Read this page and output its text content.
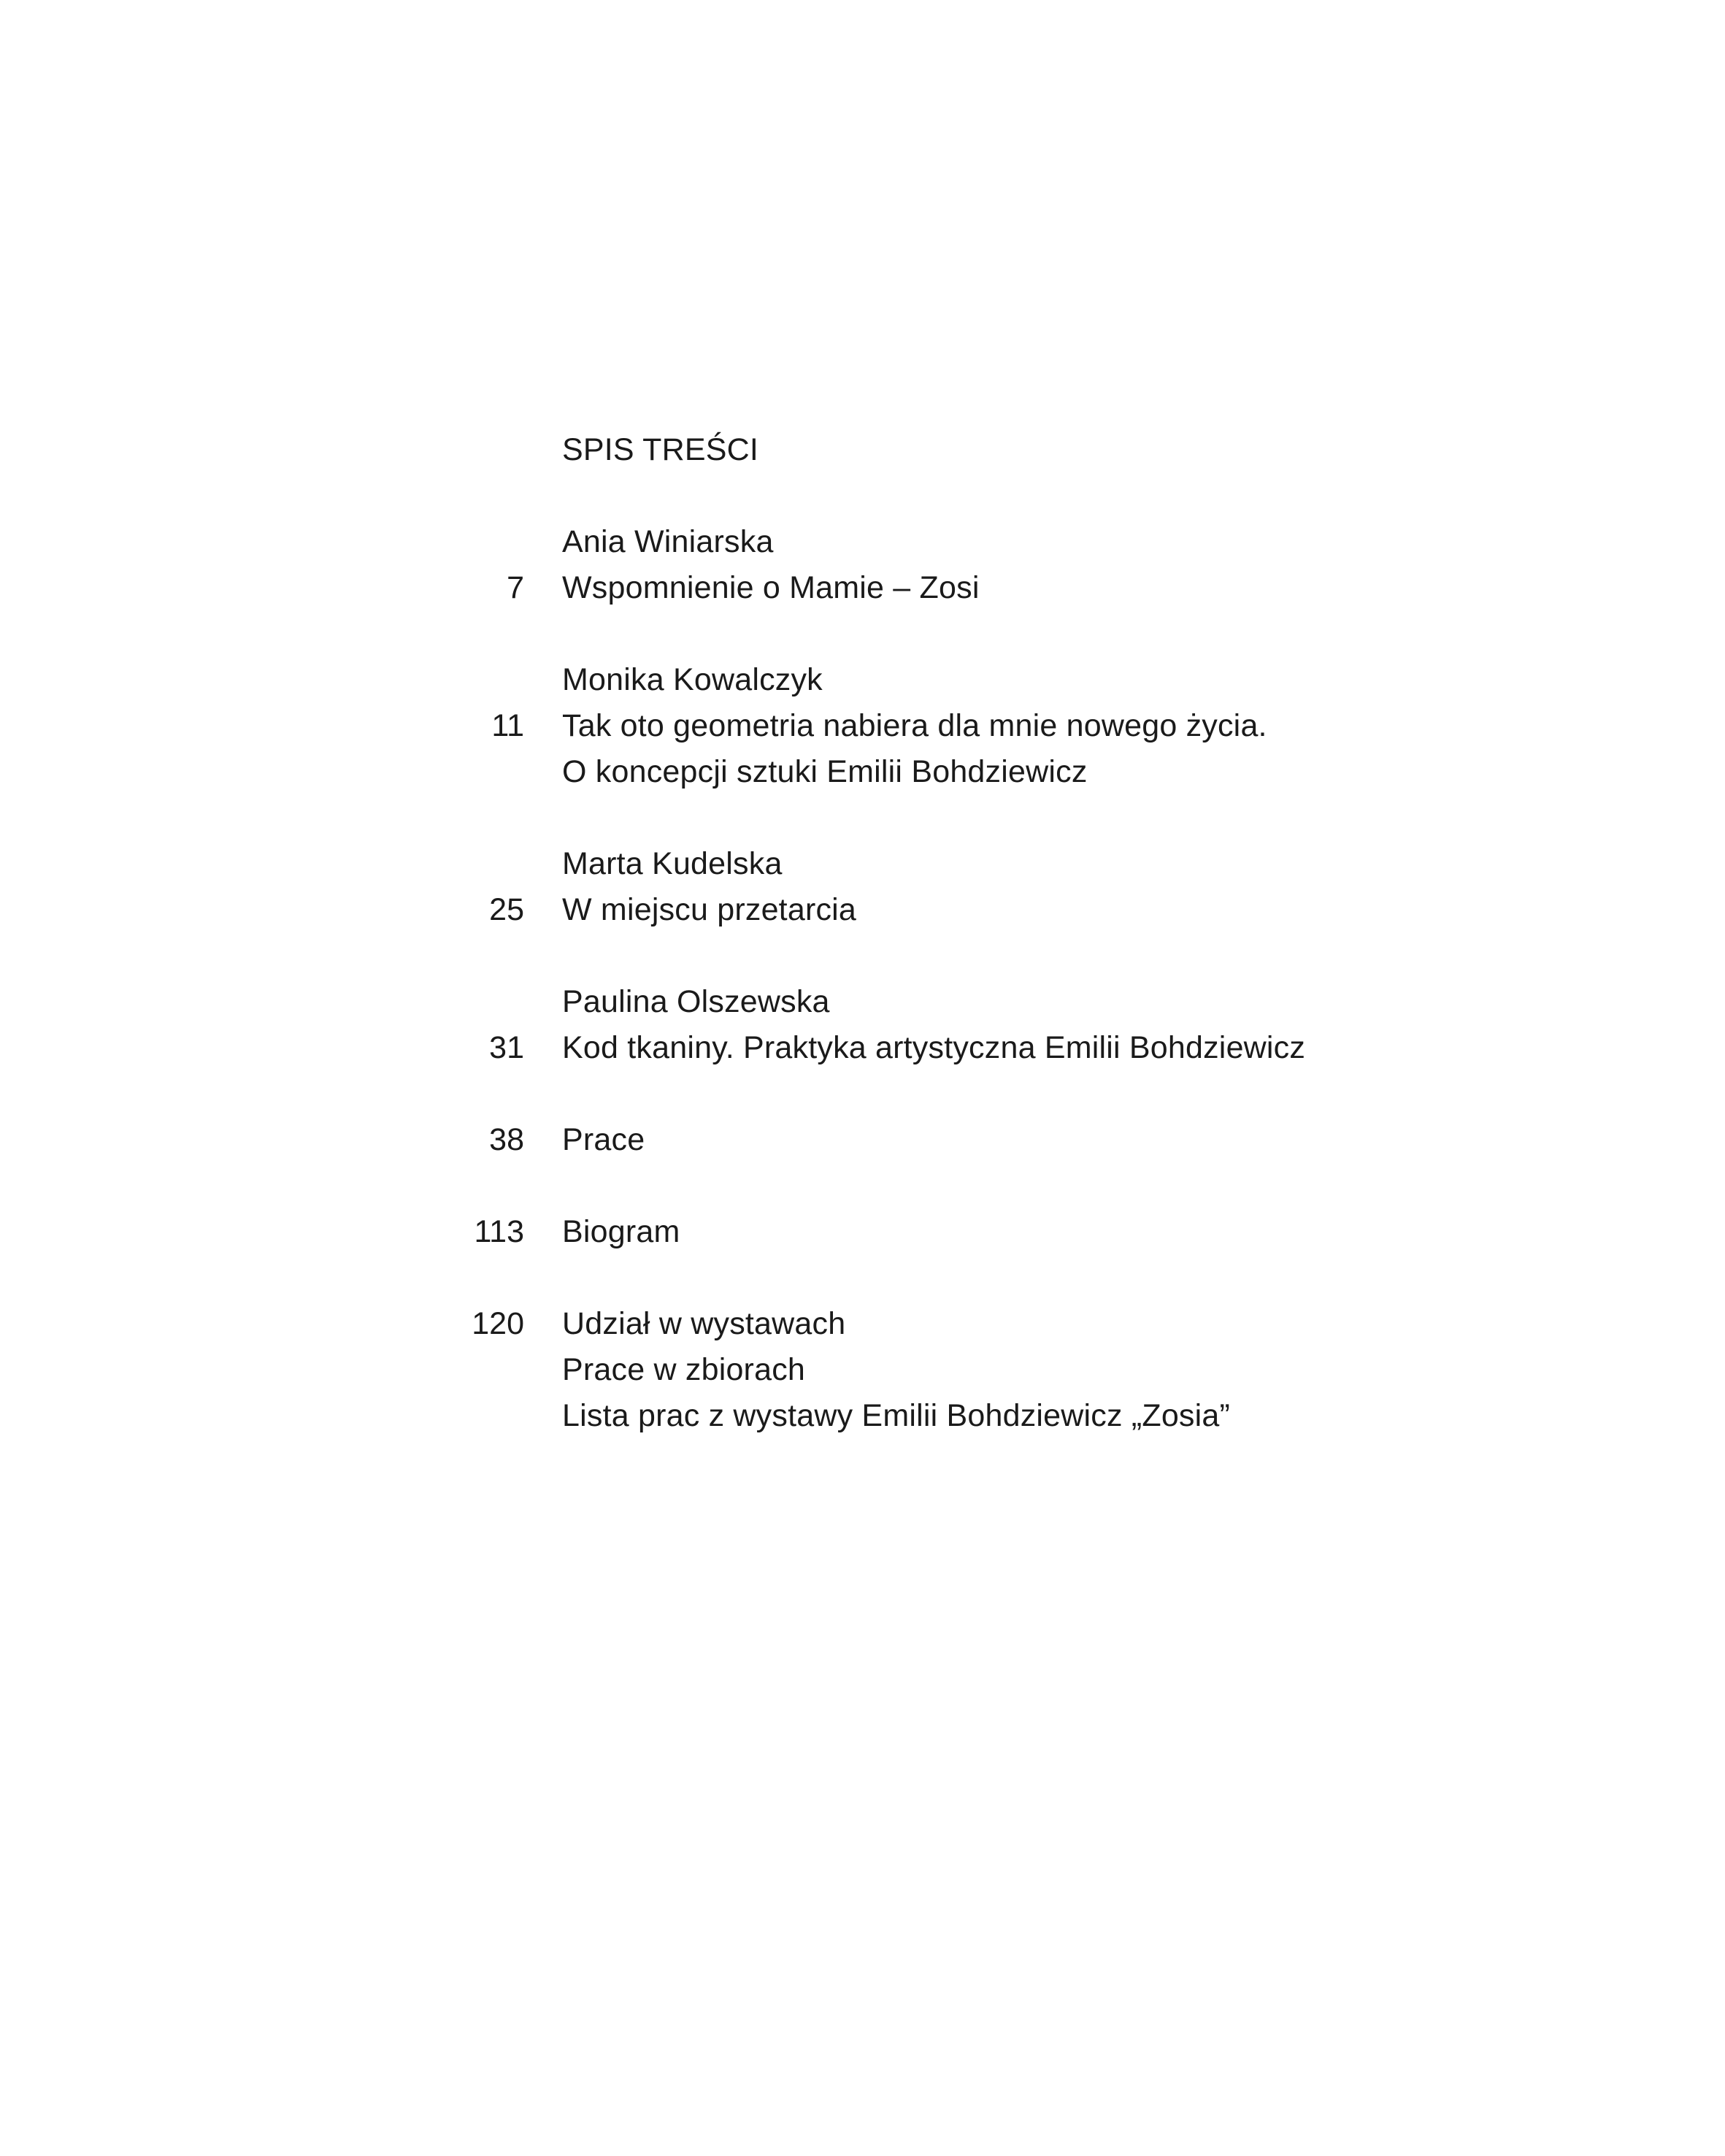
SPIS TREŚCI
Ania Winiarska
7 Wspomnienie o Mamie – Zosi
Monika Kowalczyk
11 Tak oto geometria nabiera dla mnie nowego życia.
O koncepcji sztuki Emilii Bohdziewicz
Marta Kudelska
25 W miejscu przetarcia
Paulina Olszewska
31 Kod tkaniny. Praktyka artystyczna Emilii Bohdziewicz
38 Prace
113 Biogram
120 Udział w wystawach
Prace w zbiorach
Lista prac z wystawy Emilii Bohdziewicz „Zosia”
